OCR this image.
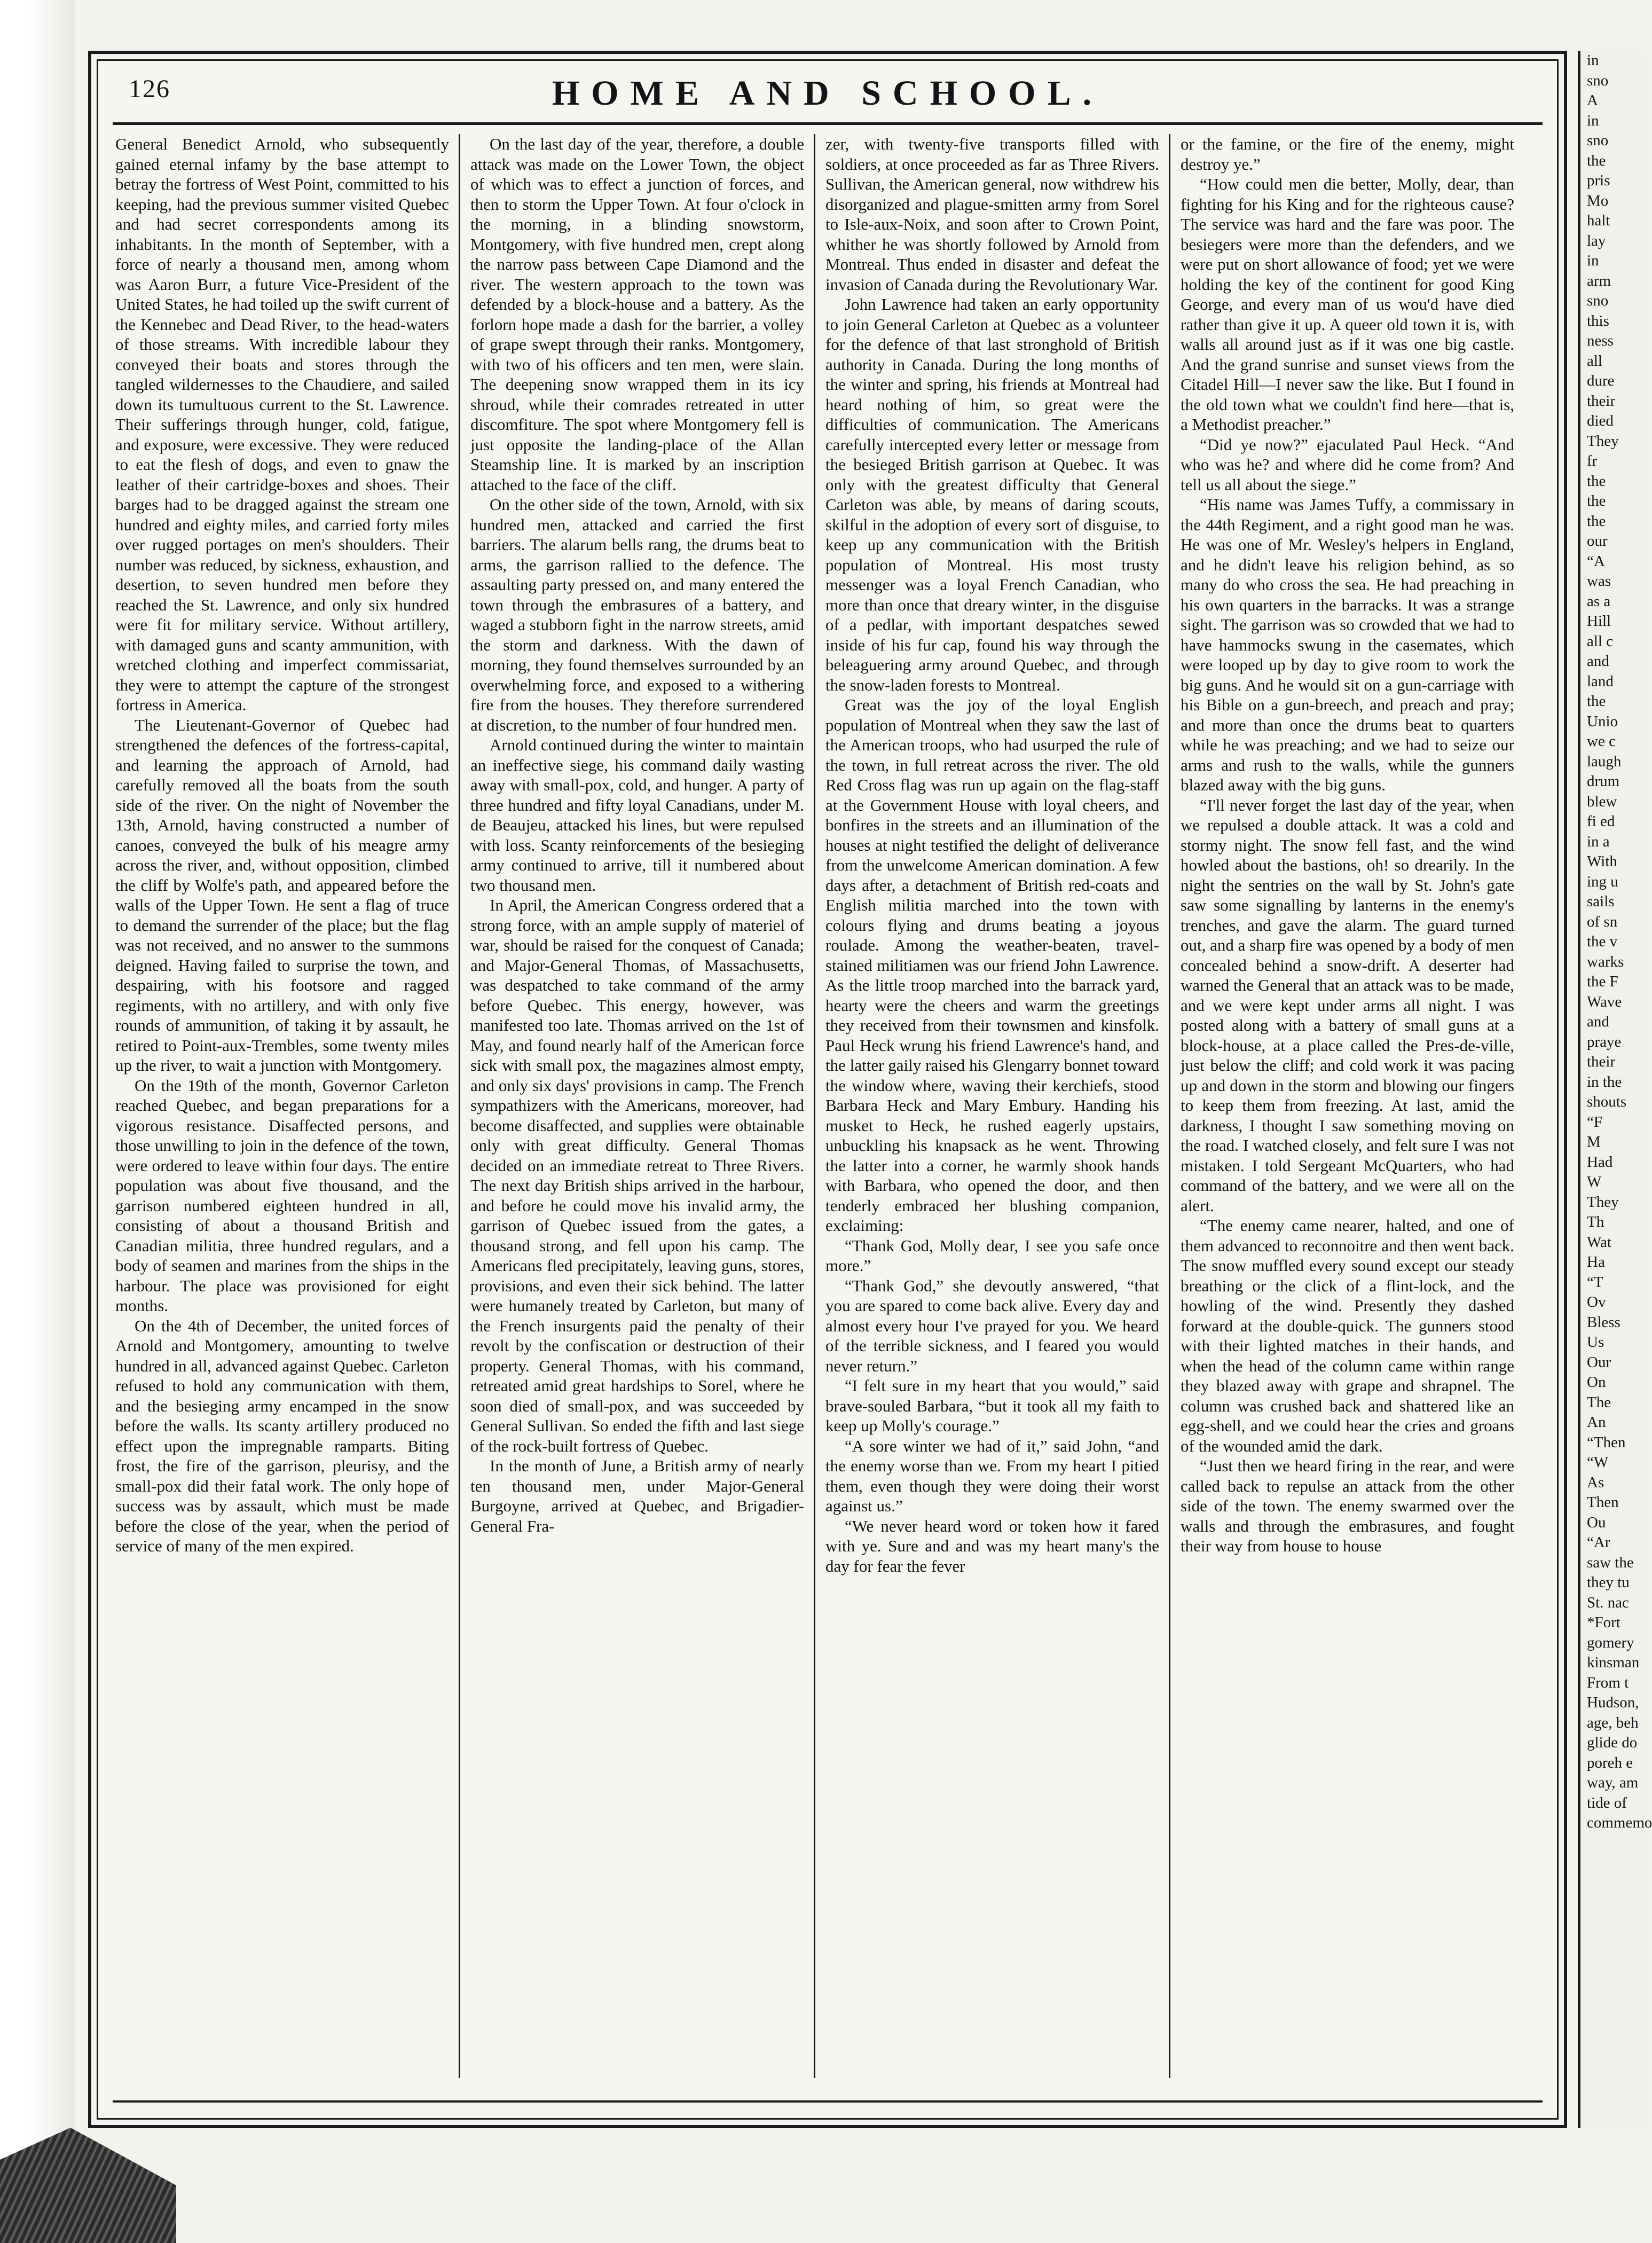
126	HOME AND SCHOOL.

General Benedict Arnold, who subsequently gained eternal infamy by the base attempt to betray the fortress of West Point, committed to his keeping, had the previous summer visited Quebec and had secret correspondents among its inhabitants. In the month of September, with a force of nearly a thousand men, among whom was Aaron Burr, a future Vice-President of the United States, he had toiled up the swift current of the Kennebec and Dead River, to the head-waters of those streams. With incredible labour they conveyed their boats and stores through the tangled wildernesses to the Chaudiere, and sailed down its tumultuous current to the St. Lawrence. Their sufferings through hunger, cold, fatigue, and exposure, were excessive. They were reduced to eat the flesh of dogs, and even to gnaw the leather of their cartridge-boxes and shoes. Their barges had to be dragged against the stream one hundred and eighty miles, and carried forty miles over rugged portages on men's shoulders. Their number was reduced, by sickness, exhaustion, and desertion, to seven hundred men before they reached the St. Lawrence, and only six hundred were fit for military service. Without artillery, with damaged guns and scanty ammunition, with wretched clothing and imperfect commissariat, they were to attempt the capture of the strongest fortress in America.

The Lieutenant-Governor of Quebec had strengthened the defences of the fortress-capital, and learning the approach of Arnold, had carefully removed all the boats from the south side of the river. On the night of November the 13th, Arnold, having constructed a number of canoes, conveyed the bulk of his meagre army across the river, and, without opposition, climbed the cliff by Wolfe's path, and appeared before the walls of the Upper Town. He sent a flag of truce to demand the surrender of the place; but the flag was not received, and no answer to the summons deigned. Having failed to surprise the town, and despairing, with his footsore and ragged regiments, with no artillery, and with only five rounds of ammunition, of taking it by assault, he retired to Point-aux-Trembles, some twenty miles up the river, to wait a junction with Montgomery.

On the 19th of the month, Governor Carleton reached Quebec, and began preparations for a vigorous resistance. Disaffected persons, and those unwilling to join in the defence of the town, were ordered to leave within four days. The entire population was about five thousand, and the garrison numbered eighteen hundred in all, consisting of about a thousand British and Canadian militia, three hundred regulars, and a body of seamen and marines from the ships in the harbour. The place was provisioned for eight months.

On the 4th of December, the united forces of Arnold and Montgomery, amounting to twelve hundred in all, advanced against Quebec. Carleton refused to hold any communication with them, and the besieging army encamped in the snow before the walls. Its scanty artillery produced no effect upon the impregnable ramparts. Biting frost, the fire of the garrison, pleurisy, and the small-pox did their fatal work. The only hope of success was by assault, which must be made before the close of the year, when the period of service of many of the men expired.

On the last day of the year, therefore, a double attack was made on the Lower Town, the object of which was to effect a junction of forces, and then to storm the Upper Town. At four o'clock in the morning, in a blinding snowstorm, Montgomery, with five hundred men, crept along the narrow pass between Cape Diamond and the river. The western approach to the town was defended by a block-house and a battery. As the forlorn hope made a dash for the barrier, a volley of grape swept through their ranks. Montgomery, with two of his officers and ten men, were slain. The deepening snow wrapped them in its icy shroud, while their comrades retreated in utter discomfiture. The spot where Montgomery fell is just opposite the landing-place of the Allan Steamship line. It is marked by an inscription attached to the face of the cliff.

On the other side of the town, Arnold, with six hundred men, attacked and carried the first barriers. The alarum bells rang, the drums beat to arms, the garrison rallied to the defence. The assaulting party pressed on, and many entered the town through the embrasures of a battery, and waged a stubborn fight in the narrow streets, amid the storm and darkness. With the dawn of morning, they found themselves surrounded by an overwhelming force, and exposed to a withering fire from the houses. They therefore surrendered at discretion, to the number of four hundred men.

Arnold continued during the winter to maintain an ineffective siege, his command daily wasting away with small-pox, cold, and hunger. A party of three hundred and fifty loyal Canadians, under M. de Beaujeu, attacked his lines, but were repulsed with loss. Scanty reinforcements of the besieging army continued to arrive, till it numbered about two thousand men.

In April, the American Congress ordered that a strong force, with an ample supply of materiel of war, should be raised for the conquest of Canada; and Major-General Thomas, of Massachusetts, was despatched to take command of the army before Quebec. This energy, however, was manifested too late. Thomas arrived on the 1st of May, and found nearly half of the American force sick with small pox, the magazines almost empty, and only six days' provisions in camp. The French sympathizers with the Americans, moreover, had become disaffected, and supplies were obtainable only with great difficulty. General Thomas decided on an immediate retreat to Three Rivers. The next day British ships arrived in the harbour, and before he could move his invalid army, the garrison of Quebec issued from the gates, a thousand strong, and fell upon his camp. The Americans fled precipitately, leaving guns, stores, provisions, and even their sick behind. The latter were humanely treated by Carleton, but many of the French insurgents paid the penalty of their revolt by the confiscation or destruction of their property. General Thomas, with his command, retreated amid great hardships to Sorel, where he soon died of small-pox, and was succeeded by General Sullivan. So ended the fifth and last siege of the rock-built fortress of Quebec.

In the month of June, a British army of nearly ten thousand men, under Major-General Burgoyne, arrived at Quebec, and Brigadier-General Fra-

zer, with twenty-five transports filled with soldiers, at once proceeded as far as Three Rivers. Sullivan, the American general, now withdrew his disorganized and plague-smitten army from Sorel to Isle-aux-Noix, and soon after to Crown Point, whither he was shortly followed by Arnold from Montreal. Thus ended in disaster and defeat the invasion of Canada during the Revolutionary War.

John Lawrence had taken an early opportunity to join General Carleton at Quebec as a volunteer for the defence of that last stronghold of British authority in Canada. During the long months of the winter and spring, his friends at Montreal had heard nothing of him, so great were the difficulties of communication. The Americans carefully intercepted every letter or message from the besieged British garrison at Quebec. It was only with the greatest difficulty that General Carleton was able, by means of daring scouts, skilful in the adoption of every sort of disguise, to keep up any communication with the British population of Montreal. His most trusty messenger was a loyal French Canadian, who more than once that dreary winter, in the disguise of a pedlar, with important despatches sewed inside of his fur cap, found his way through the beleaguering army around Quebec, and through the snow-laden forests to Montreal.

Great was the joy of the loyal English population of Montreal when they saw the last of the American troops, who had usurped the rule of the town, in full retreat across the river. The old Red Cross flag was run up again on the flag-staff at the Government House with loyal cheers, and bonfires in the streets and an illumination of the houses at night testified the delight of deliverance from the unwelcome American domination. A few days after, a detachment of British red-coats and English militia marched into the town with colours flying and drums beating a joyous roulade. Among the weather-beaten, travel-stained militiamen was our friend John Lawrence. As the little troop marched into the barrack yard, hearty were the cheers and warm the greetings they received from their townsmen and kinsfolk. Paul Heck wrung his friend Lawrence's hand, and the latter gaily raised his Glengarry bonnet toward the window where, waving their kerchiefs, stood Barbara Heck and Mary Embury. Handing his musket to Heck, he rushed eagerly upstairs, unbuckling his knapsack as he went. Throwing the latter into a corner, he warmly shook hands with Barbara, who opened the door, and then tenderly embraced her blushing companion, exclaiming:

“Thank God, Molly dear, I see you safe once more.”

“Thank God,” she devoutly answered, “that you are spared to come back alive. Every day and almost every hour I've prayed for you. We heard of the terrible sickness, and I feared you would never return.”

“I felt sure in my heart that you would,” said brave-souled Barbara, “but it took all my faith to keep up Molly's courage.”

“A sore winter we had of it,” said John, “and the enemy worse than we. From my heart I pitied them, even though they were doing their worst against us.”

“We never heard word or token how it fared with ye. Sure and and was my heart many's the day for fear the fever

or the famine, or the fire of the enemy, might destroy ye.”

“How could men die better, Molly, dear, than fighting for his King and for the righteous cause? The service was hard and the fare was poor. The besiegers were more than the defenders, and we were put on short allowance of food; yet we were holding the key of the continent for good King George, and every man of us wou'd have died rather than give it up. A queer old town it is, with walls all around just as if it was one big castle. And the grand sunrise and sunset views from the Citadel Hill—I never saw the like. But I found in the old town what we couldn't find here—that is, a Methodist preacher.”

“Did ye now?” ejaculated Paul Heck. “And who was he? and where did he come from? And tell us all about the siege.”

“His name was James Tuffy, a commissary in the 44th Regiment, and a right good man he was. He was one of Mr. Wesley's helpers in England, and he didn't leave his religion behind, as so many do who cross the sea. He had preaching in his own quarters in the barracks. It was a strange sight. The garrison was so crowded that we had to have hammocks swung in the casemates, which were looped up by day to give room to work the big guns. And he would sit on a gun-carriage with his Bible on a gun-breech, and preach and pray; and more than once the drums beat to quarters while he was preaching; and we had to seize our arms and rush to the walls, while the gunners blazed away with the big guns.

“I'll never forget the last day of the year, when we repulsed a double attack. It was a cold and stormy night. The snow fell fast, and the wind howled about the bastions, oh! so drearily. In the night the sentries on the wall by St. John's gate saw some signalling by lanterns in the enemy's trenches, and gave the alarm. The guard turned out, and a sharp fire was opened by a body of men concealed behind a snow-drift. A deserter had warned the General that an attack was to be made, and we were kept under arms all night. I was posted along with a battery of small guns at a block-house, at a place called the Pres-de-ville, just below the cliff; and cold work it was pacing up and down in the storm and blowing our fingers to keep them from freezing. At last, amid the darkness, I thought I saw something moving on the road. I watched closely, and felt sure I was not mistaken. I told Sergeant McQuarters, who had command of the battery, and we were all on the alert.

“The enemy came nearer, halted, and one of them advanced to reconnoitre and then went back. The snow muffled every sound except our steady breathing or the click of a flint-lock, and the howling of the wind. Presently they dashed forward at the double-quick. The gunners stood with their lighted matches in their hands, and when the head of the column came within range they blazed away with grape and shrapnel. The column was crushed back and shattered like an egg-shell, and we could hear the cries and groans of the wounded amid the dark.

“Just then we heard firing in the rear, and were called back to repulse an attack from the other side of the town. The enemy swarmed over the walls and through the embrasures, and fought their way from house to house

in
sno
A
in
sno
the
pris
Mo
halt
lay
in
arm
sno
this
ness
all
dure
their
died
They
fr
the
the
the
our
“A
was
as a
Hill
all c
and
land
the
Unio
we c
laugh
drum
blew
fi ed
in a
With
ing u
sails
of sn
the v
warks
the F
Wave
and
praye
their
in the
shouts
“F
M
Had
W
They
Th
Wat
Ha
“T
Ov
Bless
Us
Our
On
The
An
“Then
“W
As
Then
Ou
“Ar
saw the
they tu
St. nac
*Fort
gomery
kinsman
From t
Hudson,
age, beh
glide do
poreh e
way, am
tide of
commemo
